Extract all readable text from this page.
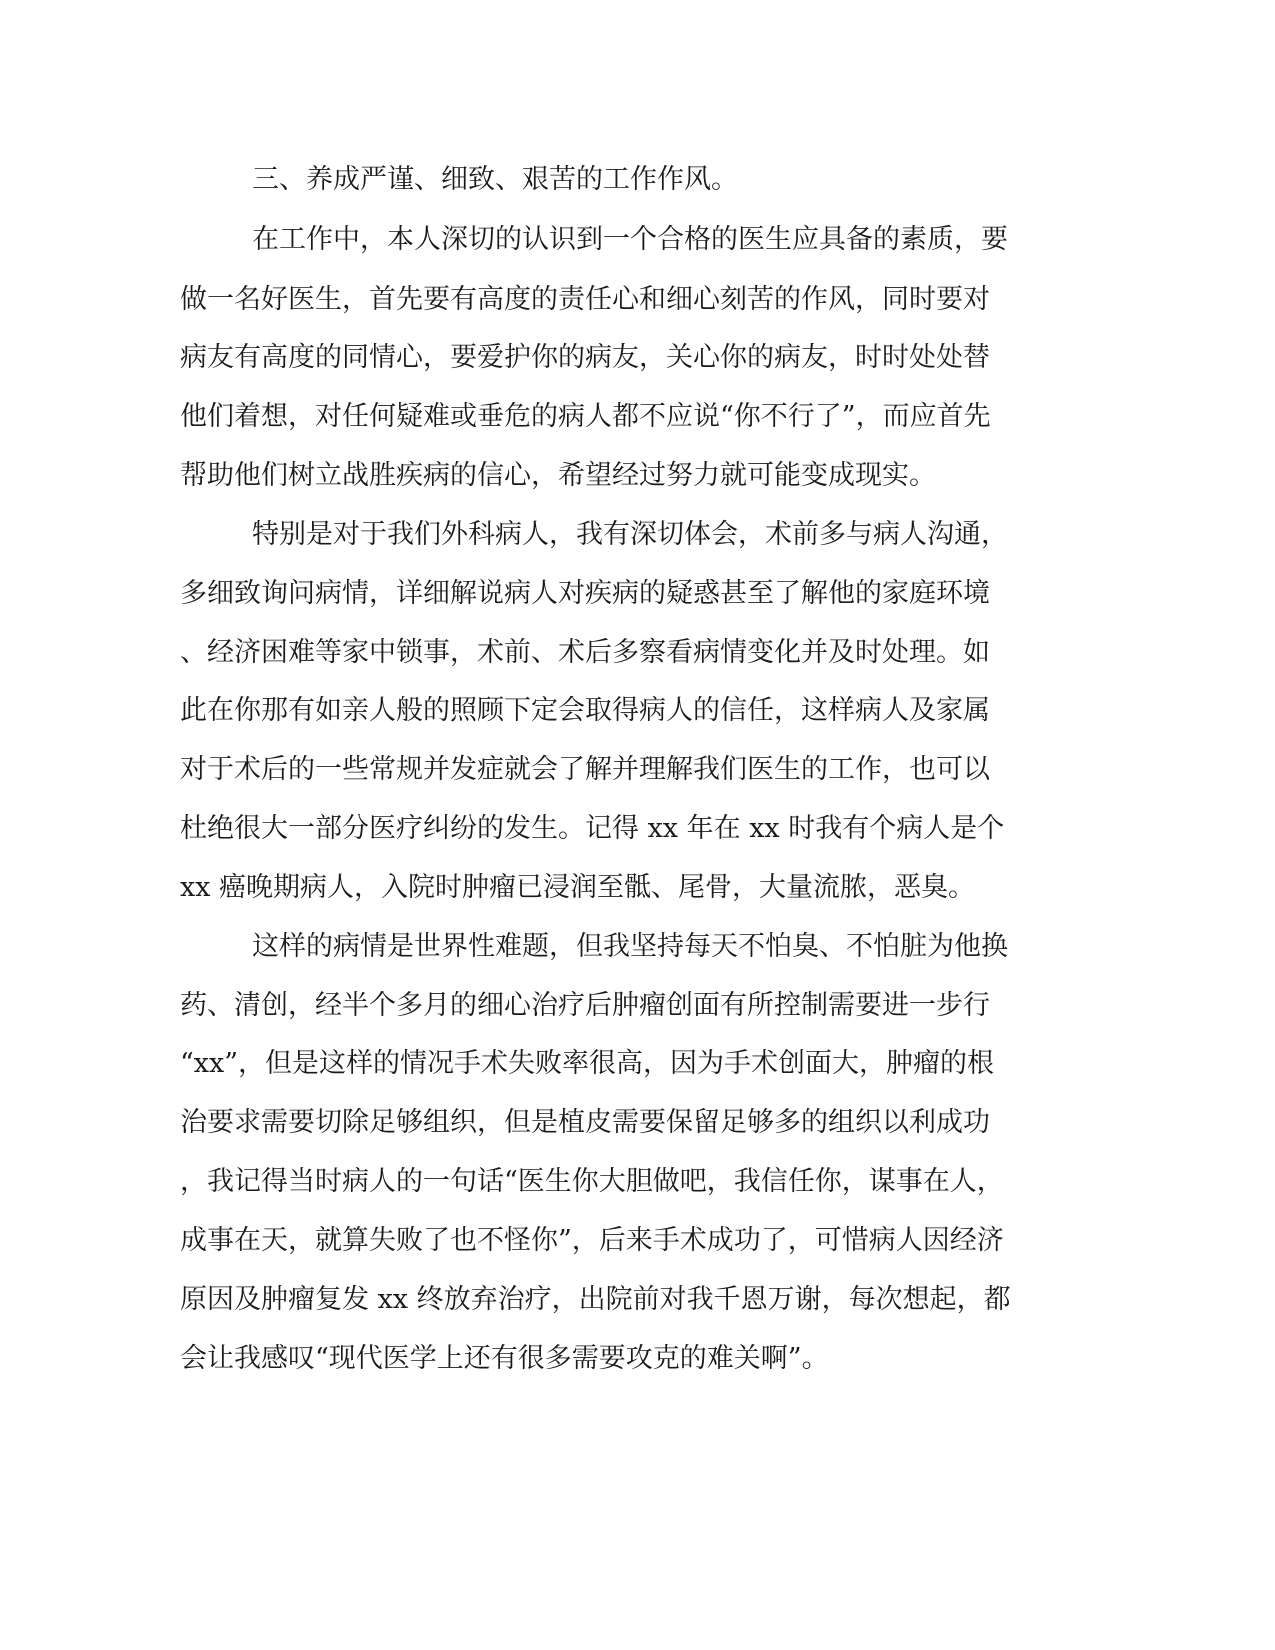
三、养成严谨、细致、艰苦的工作作风。
在工作中，本人深切的认识到一个合格的医生应具备的素质，要
做一名好医生，首先要有高度的责任心和细心刻苦的作风，同时要对
病友有高度的同情心，要爱护你的病友，关心你的病友，时时处处替
他们着想，对任何疑难或垂危的病人都不应说“你不行了”，而应首先
帮助他们树立战胜疾病的信心，希望经过努力就可能变成现实。
特别是对于我们外科病人，我有深切体会，术前多与病人沟通，
多细致询问病情，详细解说病人对疾病的疑惑甚至了解他的家庭环境
、经济困难等家中锁事，术前、术后多察看病情变化并及时处理。如
此在你那有如亲人般的照顾下定会取得病人的信任，这样病人及家属
对于术后的一些常规并发症就会了解并理解我们医生的工作，也可以
杜绝很大一部分医疗纠纷的发生。记得 xx 年在 xx 时我有个病人是个
xx 癌晚期病人，入院时肿瘤已浸润至骶、尾骨，大量流脓，恶臭。
这样的病情是世界性难题，但我坚持每天不怕臭、不怕脏为他换
药、清创，经半个多月的细心治疗后肿瘤创面有所控制需要进一步行
“xx”，但是这样的情况手术失败率很高，因为手术创面大，肿瘤的根
治要求需要切除足够组织，但是植皮需要保留足够多的组织以利成功
，我记得当时病人的一句话“医生你大胆做吧，我信任你，谋事在人，
成事在天，就算失败了也不怪你”，后来手术成功了，可惜病人因经济
原因及肿瘤复发 xx 终放弃治疗，出院前对我千恩万谢，每次想起，都
会让我感叹“现代医学上还有很多需要攻克的难关啊”。
